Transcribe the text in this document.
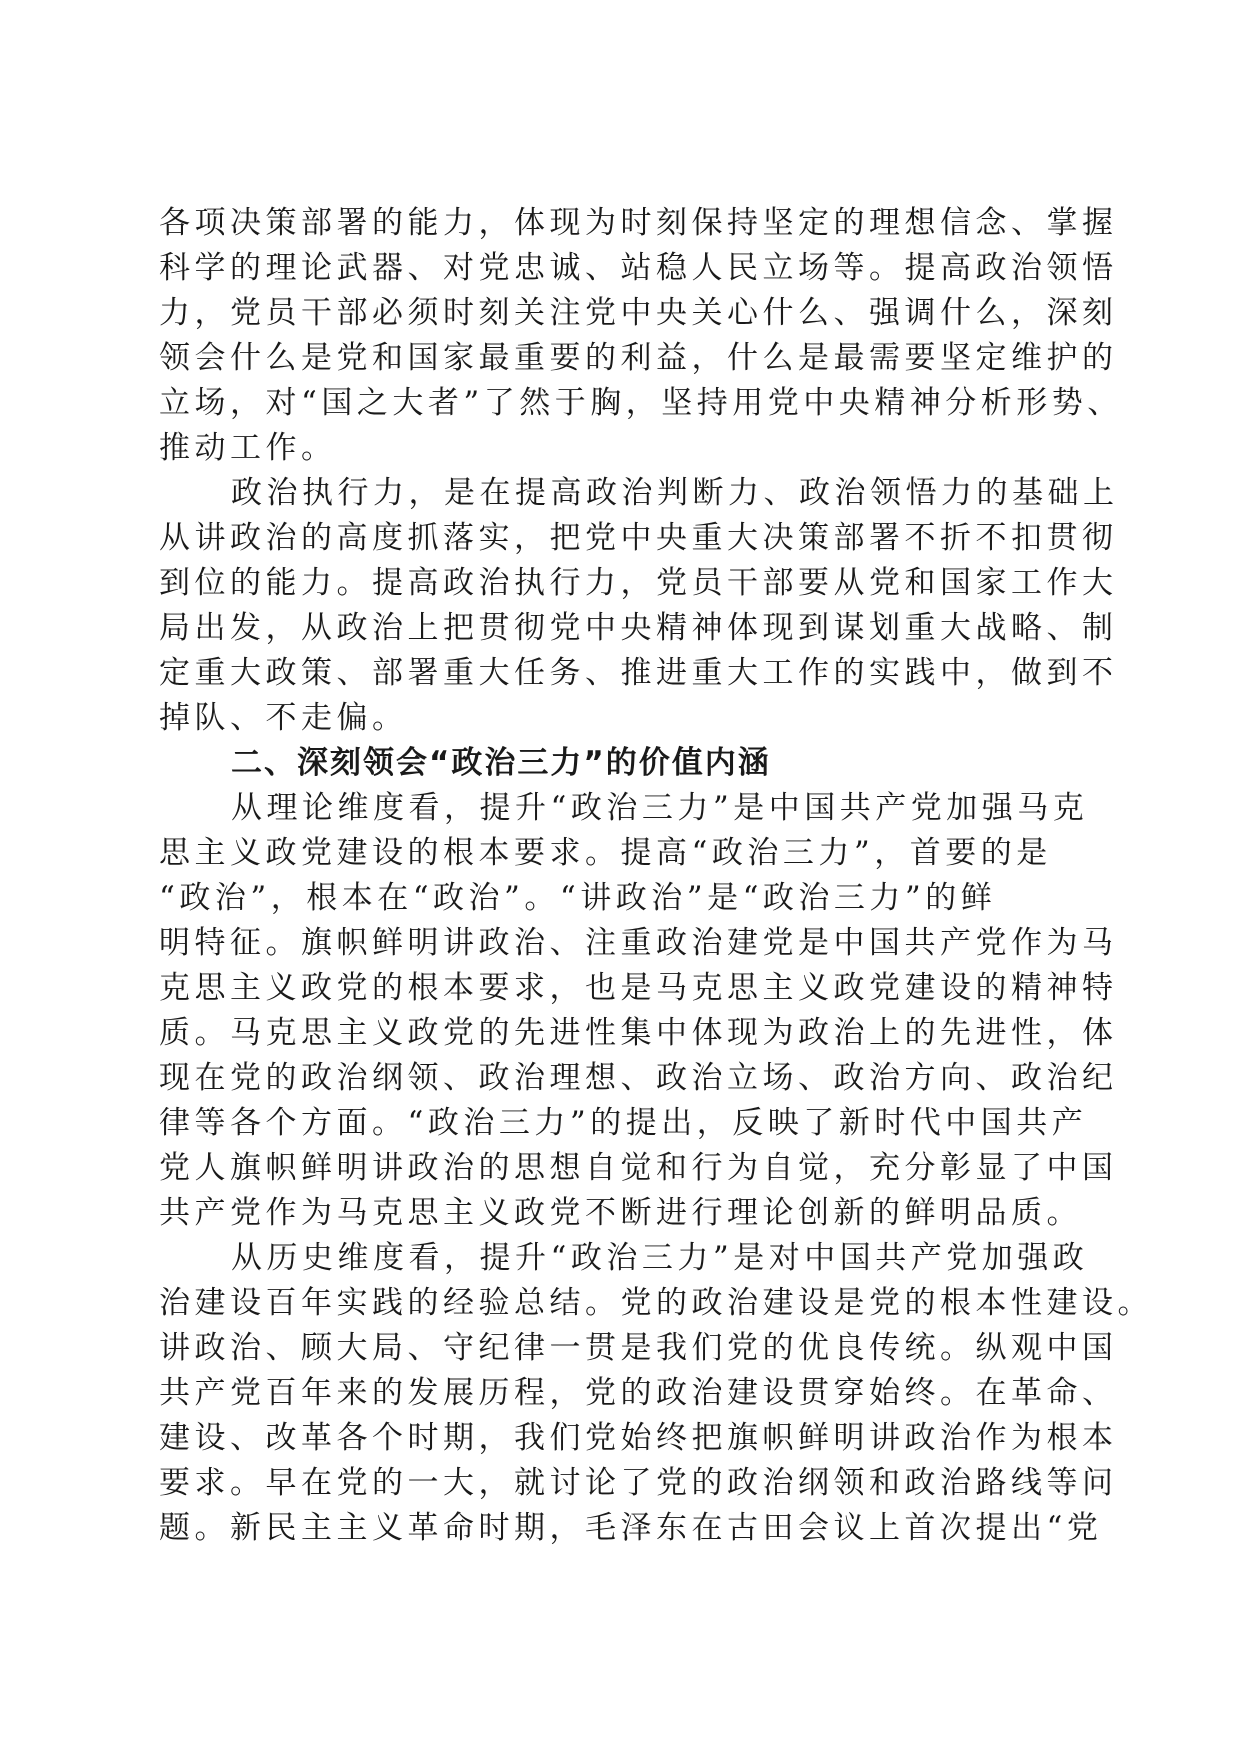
各项决策部署的能力，体现为时刻保持坚定的理想信念、掌握
科学的理论武器、对党忠诚、站稳人民立场等。提高政治领悟
力，党员干部必须时刻关注党中央关心什么、强调什么，深刻
领会什么是党和国家最重要的利益，什么是最需要坚定维护的
立场，对“国之大者”了然于胸，坚持用党中央精神分析形势、
推动工作。
政治执行力，是在提高政治判断力、政治领悟力的基础上
从讲政治的高度抓落实，把党中央重大决策部署不折不扣贯彻
到位的能力。提高政治执行力，党员干部要从党和国家工作大
局出发，从政治上把贯彻党中央精神体现到谋划重大战略、制
定重大政策、部署重大任务、推进重大工作的实践中，做到不
掉队、不走偏。
二、深刻领会“政治三力”的价值内涵
从理论维度看，提升“政治三力”是中国共产党加强马克
思主义政党建设的根本要求。提高“政治三力”，首要的是
“政治”，根本在“政治”。“讲政治”是“政治三力”的鲜
明特征。旗帜鲜明讲政治、注重政治建党是中国共产党作为马
克思主义政党的根本要求，也是马克思主义政党建设的精神特
质。马克思主义政党的先进性集中体现为政治上的先进性，体
现在党的政治纲领、政治理想、政治立场、政治方向、政治纪
律等各个方面。“政治三力”的提出，反映了新时代中国共产
党人旗帜鲜明讲政治的思想自觉和行为自觉，充分彰显了中国
共产党作为马克思主义政党不断进行理论创新的鲜明品质。
从历史维度看，提升“政治三力”是对中国共产党加强政
治建设百年实践的经验总结。党的政治建设是党的根本性建设。
讲政治、顾大局、守纪律一贯是我们党的优良传统。纵观中国
共产党百年来的发展历程，党的政治建设贯穿始终。在革命、
建设、改革各个时期，我们党始终把旗帜鲜明讲政治作为根本
要求。早在党的一大，就讨论了党的政治纲领和政治路线等问
题。新民主主义革命时期，毛泽东在古田会议上首次提出“党
